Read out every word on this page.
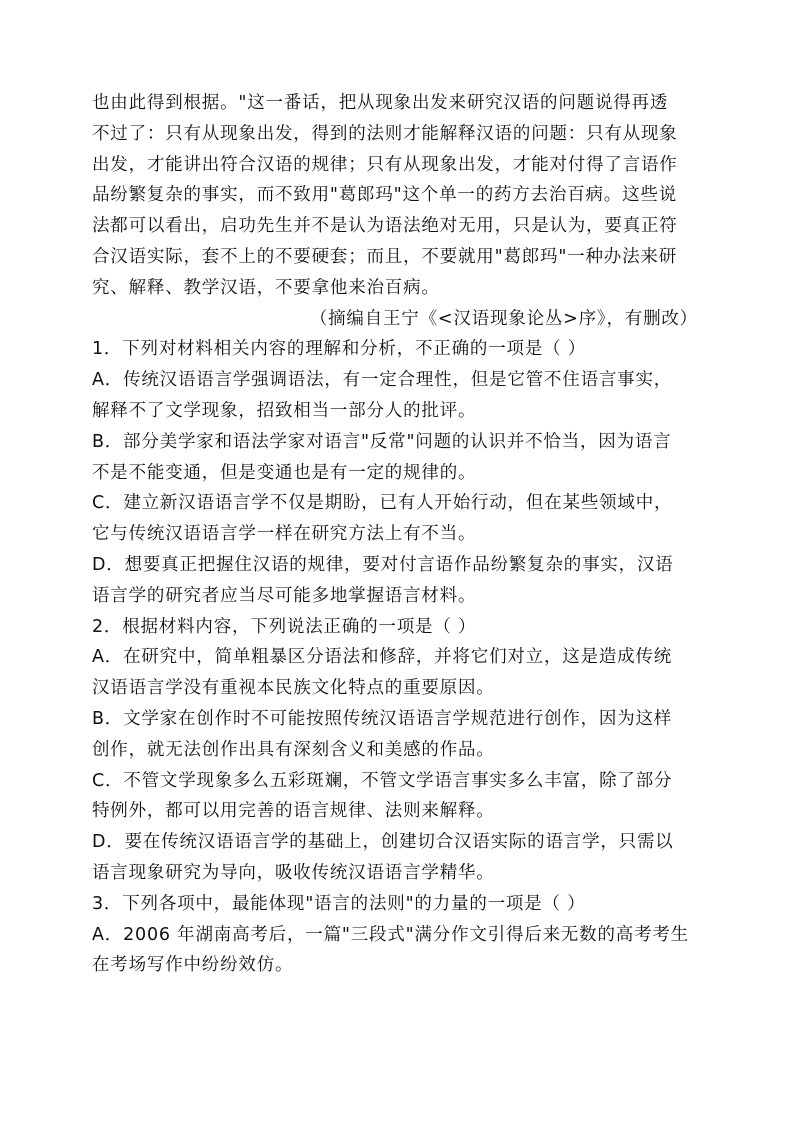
也由此得到根据。"这一番话，把从现象出发来研究汉语的问题说得再透

不过了：只有从现象出发，得到的法则才能解释汉语的问题：只有从现象

出发，才能讲出符合汉语的规律；只有从现象出发，才能对付得了言语作

品纷繁复杂的事实，而不致用"葛郎玛"这个单一的药方去治百病。这些说

法都可以看出，启功先生并不是认为语法绝对无用，只是认为，要真正符

合汉语实际，套不上的不要硬套；而且，不要就用"葛郎玛"一种办法来研

究、解释、教学汉语，不要拿他来治百病。

（摘编自王宁《<汉语现象论丛>序》，有删改）

1．下列对材料相关内容的理解和分析，不正确的一项是（ ）

A．传统汉语语言学强调语法，有一定合理性，但是它管不住语言事实，

解释不了文学现象，招致相当一部分人的批评。

B．部分美学家和语法学家对语言"反常"问题的认识并不恰当，因为语言

不是不能变通，但是变通也是有一定的规律的。

C．建立新汉语语言学不仅是期盼，已有人开始行动，但在某些领域中，

它与传统汉语语言学一样在研究方法上有不当。

D．想要真正把握住汉语的规律，要对付言语作品纷繁复杂的事实，汉语

语言学的研究者应当尽可能多地掌握语言材料。

2．根据材料内容，下列说法正确的一项是（ ）

A．在研究中，简单粗暴区分语法和修辞，并将它们对立，这是造成传统

汉语语言学没有重视本民族文化特点的重要原因。

B．文学家在创作时不可能按照传统汉语语言学规范进行创作，因为这样

创作，就无法创作出具有深刻含义和美感的作品。

C．不管文学现象多么五彩斑斓，不管文学语言事实多么丰富，除了部分

特例外，都可以用完善的语言规律、法则来解释。

D．要在传统汉语语言学的基础上，创建切合汉语实际的语言学，只需以

语言现象研究为导向，吸收传统汉语语言学精华。

3．下列各项中，最能体现"语言的法则"的力量的一项是（ ）

A．2006 年湖南高考后，一篇"三段式"满分作文引得后来无数的高考考生

在考场写作中纷纷效仿。
